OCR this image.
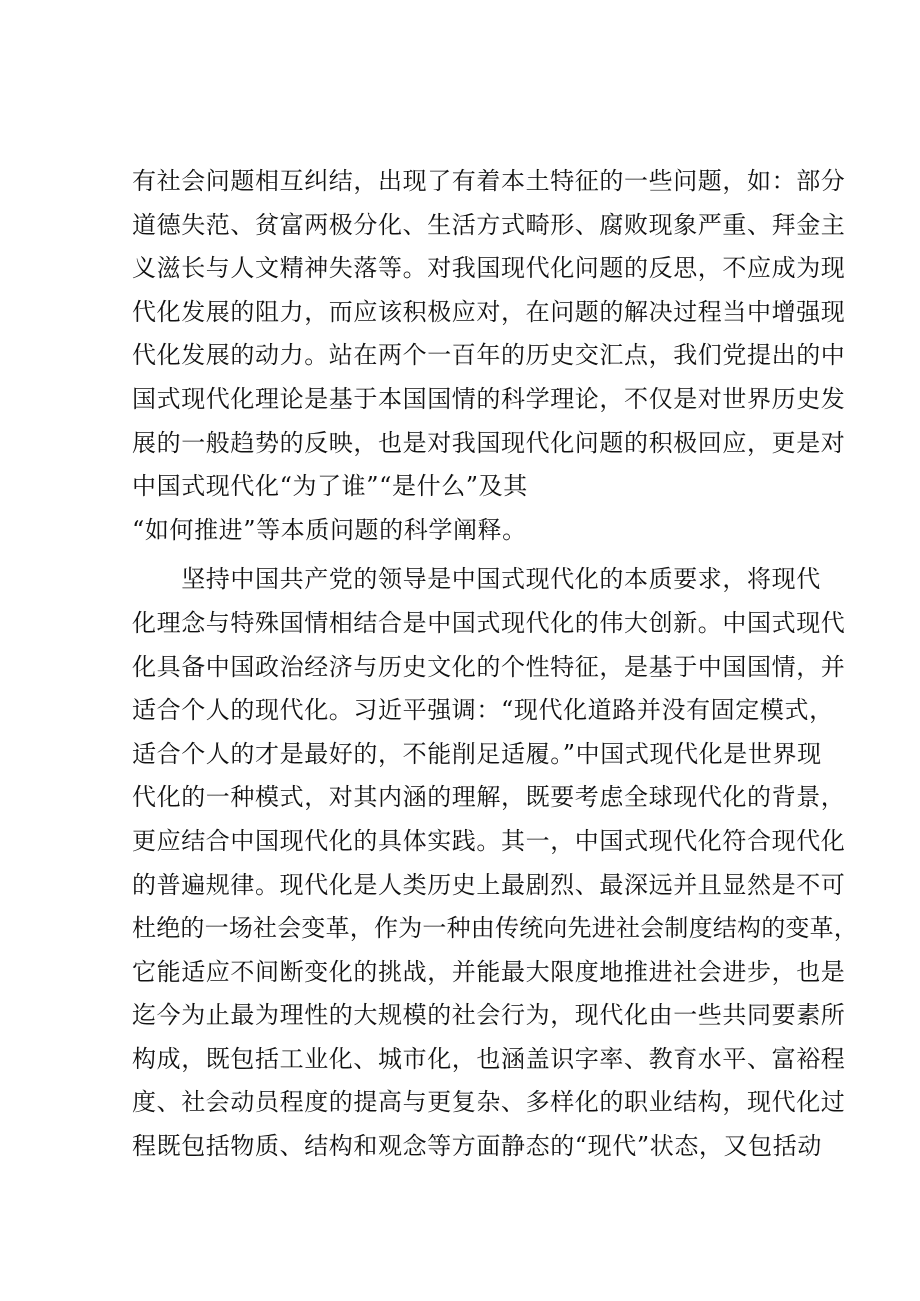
有社会问题相互纠结，出现了有着本土特征的一些问题，如：部分
道德失范、贫富两极分化、生活方式畸形、腐败现象严重、拜金主
义滋长与人文精神失落等。对我国现代化问题的反思，不应成为现
代化发展的阻力，而应该积极应对，在问题的解决过程当中增强现
代化发展的动力。站在两个一百年的历史交汇点，我们党提出的中
国式现代化理论是基于本国国情的科学理论，不仅是对世界历史发
展的一般趋势的反映，也是对我国现代化问题的积极回应，更是对
中国式现代化“为了谁”“是什么”及其
“如何推进”等本质问题的科学阐释。
　　坚持中国共产党的领导是中国式现代化的本质要求，将现代
化理念与特殊国情相结合是中国式现代化的伟大创新。中国式现代
化具备中国政治经济与历史文化的个性特征，是基于中国国情，并
适合个人的现代化。习近平强调：“现代化道路并没有固定模式，
适合个人的才是最好的，不能削足适履。”中国式现代化是世界现
代化的一种模式，对其内涵的理解，既要考虑全球现代化的背景，
更应结合中国现代化的具体实践。其一，中国式现代化符合现代化
的普遍规律。现代化是人类历史上最剧烈、最深远并且显然是不可
杜绝的一场社会变革，作为一种由传统向先进社会制度结构的变革，
它能适应不间断变化的挑战，并能最大限度地推进社会进步，也是
迄今为止最为理性的大规模的社会行为，现代化由一些共同要素所
构成，既包括工业化、城市化，也涵盖识字率、教育水平、富裕程
度、社会动员程度的提高与更复杂、多样化的职业结构，现代化过
程既包括物质、结构和观念等方面静态的“现代”状态，又包括动
